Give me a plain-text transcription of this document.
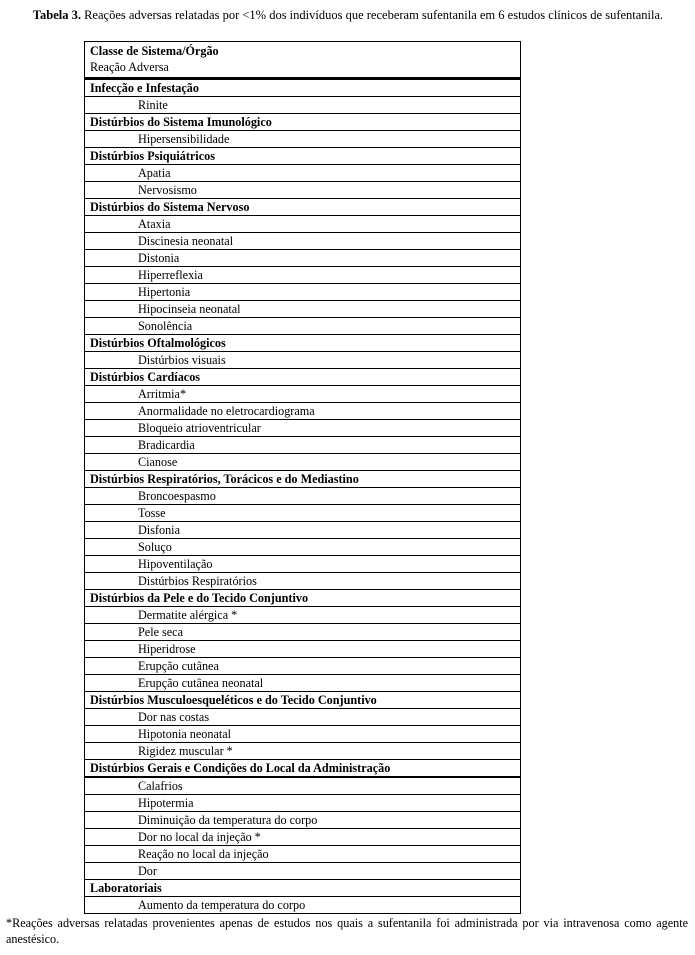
Tabela 3. Reações adversas relatadas por <1% dos indivíduos que receberam sufentanila em 6 estudos clínicos de sufentanila.
Classe de Sistema/Órgão
Reação Adversa

Infecção e Infestação
Rinite
Distúrbios do Sistema Imunológico
Hipersensibilidade
Distúrbios Psiquiátricos
Apatia
Nervosismo
Distúrbios do Sistema Nervoso
Ataxia
Discinesia neonatal
Distonia
Hiperreflexia
Hipertonia
Hipocinseia neonatal
Sonolência
Distúrbios Oftalmológicos
Distúrbios visuais
Distúrbios Cardíacos
Arritmia*
Anormalidade no eletrocardiograma
Bloqueio atrioventricular
Bradicardia
Cianose
Distúrbios Respiratórios, Torácicos e do Mediastino
Broncoespasmo
Tosse
Disfonia
Soluço
Hipoventilação
Distúrbios Respiratórios
Distúrbios da Pele e do Tecido Conjuntivo
Dermatite alérgica *
Pele seca
Hiperidrose
Erupção cutânea
Erupção cutânea neonatal
Distúrbios Musculoesqueléticos e do Tecido Conjuntivo
Dor nas costas
Hipotonia neonatal
Rigidez muscular *
Distúrbios Gerais e Condições do Local da Administração
Calafrios
Hipotermia
Diminuição da temperatura do corpo
Dor no local da injeção *
Reação no local da injeção
Dor
Laboratoriais
Aumento da temperatura do corpo
*Reações adversas relatadas provenientes apenas de estudos nos quais a sufentanila foi administrada por via intravenosa como agente anestésico.
